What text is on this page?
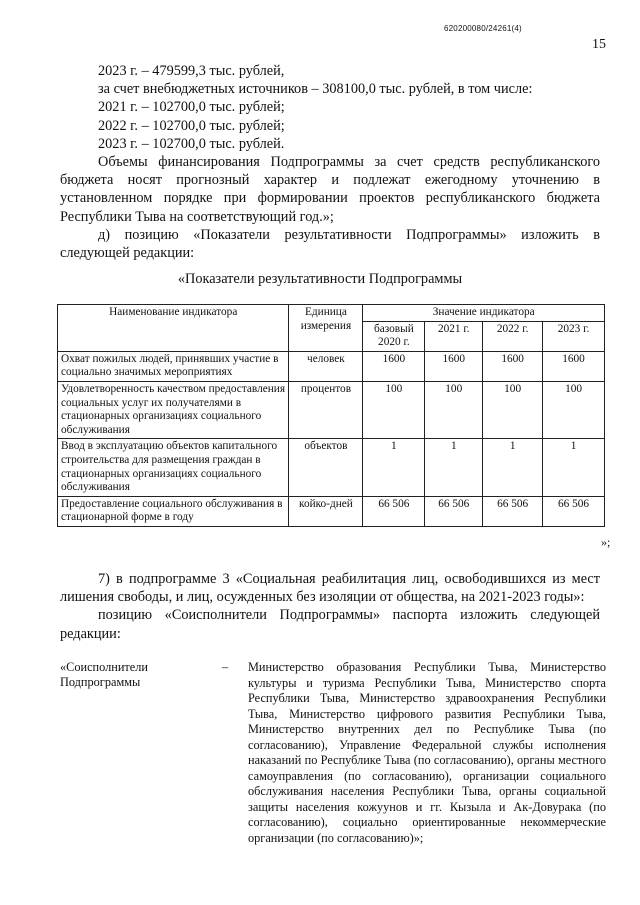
620200080/24261(4)
15
2023 г. – 479599,3 тыс. рублей,
за счет внебюджетных источников – 308100,0 тыс. рублей, в том числе:
2021 г. – 102700,0 тыс. рублей;
2022 г. – 102700,0 тыс. рублей;
2023 г. – 102700,0 тыс. рублей.
Объемы финансирования Подпрограммы за счет средств республиканского бюджета носят прогнозный характер и подлежат ежегодному уточнению в установленном порядке при формировании проектов республиканского бюджета Республики Тыва на соответствующий год.»;
д) позицию «Показатели результативности Подпрограммы» изложить в следующей редакции:
«Показатели результативности Подпрограммы
Наименование индикатора	Единица измерения	Значение индикатора			
		базовый 2020 г.	2021 г.	2022 г.	2023 г.
Охват пожилых людей, принявших участие в социально значимых мероприятиях	человек	1600	1600	1600	1600
Удовлетворенность качеством предоставления социальных услуг их получателями в стационарных организациях социального обслуживания	процентов	100	100	100	100
Ввод в эксплуатацию объектов капитального строительства для размещения граждан в стационарных организациях социального обслуживания	объектов	1	1	1	1
Предоставление социального обслуживания в стационарной форме в году	койко-дней	66 506	66 506	66 506	66 506
»;
7) в подпрограмме 3 «Социальная реабилитация лиц, освободившихся из мест лишения свободы, и лиц, осужденных без изоляции от общества, на 2021-2023 годы»:
позицию «Соисполнители Подпрограммы» паспорта изложить следующей редакции:
«Соисполнители Подпрограммы
– Министерство образования Республики Тыва, Министерство культуры и туризма Республики Тыва, Министерство спорта Республики Тыва, Министерство здравоохранения Республики Тыва, Министерство цифрового развития Республики Тыва, Министерство внутренних дел по Республике Тыва (по согласованию), Управление Федеральной службы исполнения наказаний по Республике Тыва (по согласованию), органы местного самоуправления (по согласованию), организации социального обслуживания населения Республики Тыва, органы социальной защиты населения кожуунов и гг. Кызыла и Ак-Довурака (по согласованию), социально ориентированные некоммерческие организации (по согласованию)»;
